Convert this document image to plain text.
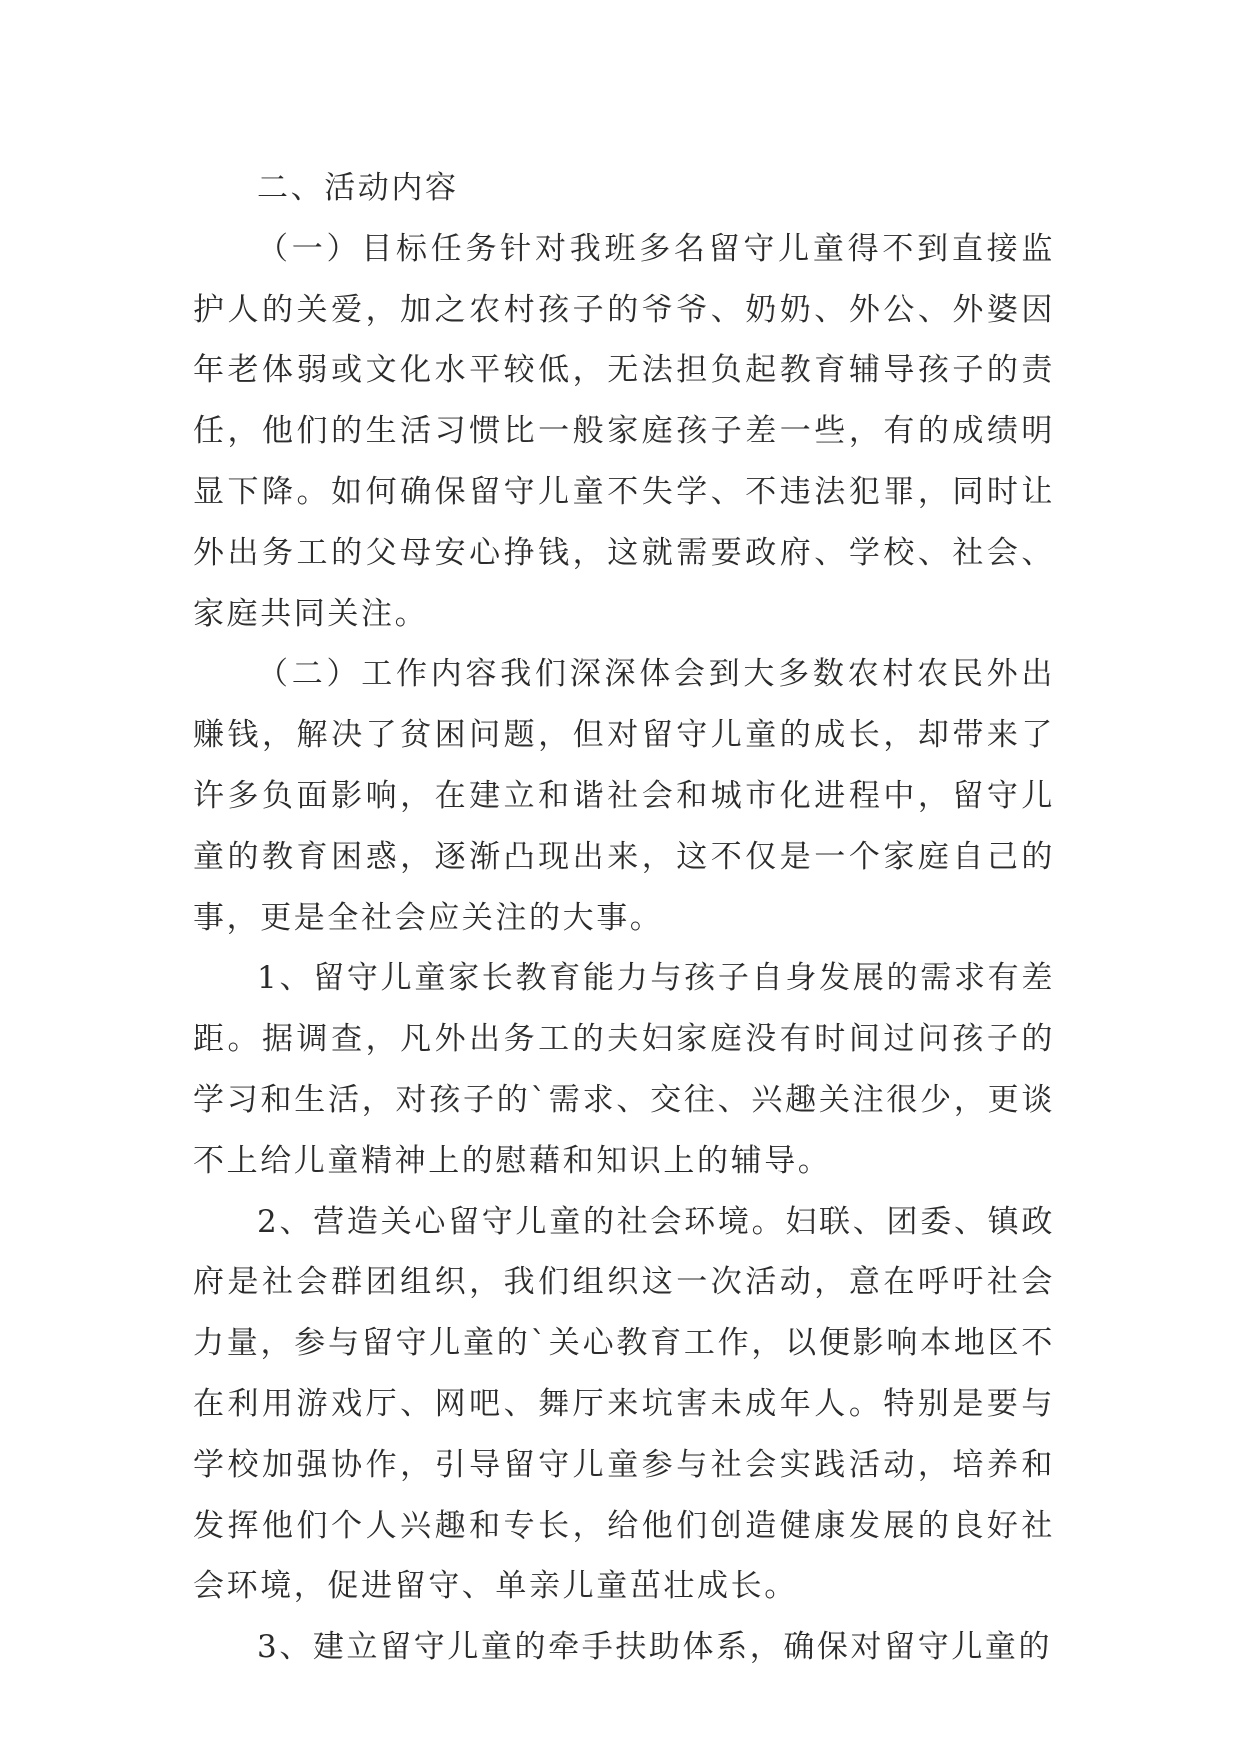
二、活动内容

（一）目标任务针对我班多名留守儿童得不到直接监护人的关爱，加之农村孩子的爷爷、奶奶、外公、外婆因年老体弱或文化水平较低，无法担负起教育辅导孩子的责任，他们的生活习惯比一般家庭孩子差一些，有的成绩明显下降。如何确保留守儿童不失学、不违法犯罪，同时让外出务工的父母安心挣钱，这就需要政府、学校、社会、家庭共同关注。

（二）工作内容我们深深体会到大多数农村农民外出赚钱，解决了贫困问题，但对留守儿童的成长，却带来了许多负面影响，在建立和谐社会和城市化进程中，留守儿童的教育困惑，逐渐凸现出来，这不仅是一个家庭自己的事，更是全社会应关注的大事。

1、留守儿童家长教育能力与孩子自身发展的需求有差距。据调查，凡外出务工的夫妇家庭没有时间过问孩子的学习和生活，对孩子的`需求、交往、兴趣关注很少，更谈不上给儿童精神上的慰藉和知识上的辅导。

2、营造关心留守儿童的社会环境。妇联、团委、镇政府是社会群团组织，我们组织这一次活动，意在呼吁社会力量，参与留守儿童的`关心教育工作，以便影响本地区不在利用游戏厅、网吧、舞厅来坑害未成年人。特别是要与学校加强协作，引导留守儿童参与社会实践活动，培养和发挥他们个人兴趣和专长，给他们创造健康发展的良好社会环境，促进留守、单亲儿童茁壮成长。

3、建立留守儿童的牵手扶助体系，确保对留守儿童的
